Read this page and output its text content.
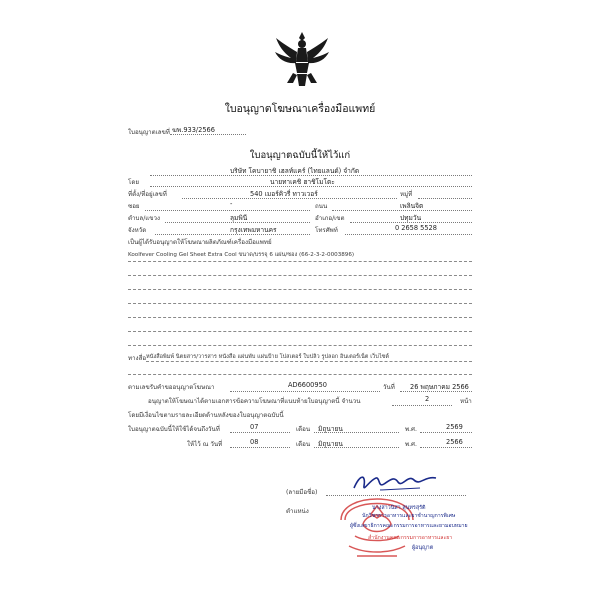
ใบอนุญาตโฆษณาเครื่องมือแพทย์
ใบอนุญาตเลขที่ ฆพ.933/2566
ใบอนุญาตฉบับนี้ให้ไว้แก่
บริษัท โคบายาชิ เฮลท์แคร์ (ไทยแลนด์) จำกัด
โดย	นายทาเคชิ ฮาชิโมโตะ
ที่ตั้ง/ที่อยู่เลขที่	540 เมอร์คิวรี่ ทาวเวอร์	หมู่ที่
ซอย	-	ถนน	เพลินจิต
ตำบล/แขวง	ลุมพินี	อำเภอ/เขต	ปทุมวัน
จังหวัด	กรุงเทพมหานคร	โทรศัพท์	0 2658 5528
เป็นผู้ได้รับอนุญาตให้โฆษณาผลิตภัณฑ์เครื่องมือแพทย์
Koolfever Cooling Gel Sheet Extra Cool ขนาด/บรรจุ 6 แผ่น/ซอง (66-2-3-2-0003896)
ทางสื่อ หนังสือพิมพ์ นิตยสาร/วารสาร หนังสือ แผ่นพับ แผ่นป้าย โปสเตอร์ ใบปลิว รูปลอก อินเตอร์เน็ต เว็บไซต์
ตามเลขรับคำขออนุญาตโฆษณา	AD6600950	วันที่ 26 พฤษภาคม 2566
อนุญาตให้โฆษณาได้ตามเอกสารข้อความโฆษณาที่แนบท้ายใบอนุญาตนี้ จำนวน	2	หน้า
โดยมีเงื่อนไขตามรายละเอียดด้านหลังของใบอนุญาตฉบับนี้
ใบอนุญาตฉบับนี้ให้ใช้ได้จนถึงวันที่	07	เดือน มิถุนายน	พ.ศ.	2569
ให้ไว้ ณ วันที่	08	เดือน มิถุนายน	พ.ศ.	2566
(ลายมือชื่อ)
ตำแหน่ง	นางสาวนิสา สุนทรสุรัติ
นักวิชาการอาหารและยาชำนาญการพิเศษ
ผู้ซึ่งเลขาธิการคณะกรรมการอาหารและยามอบหมาย
สำนักงานคณะกรรมการอาหารและยา
ผู้อนุญาต
